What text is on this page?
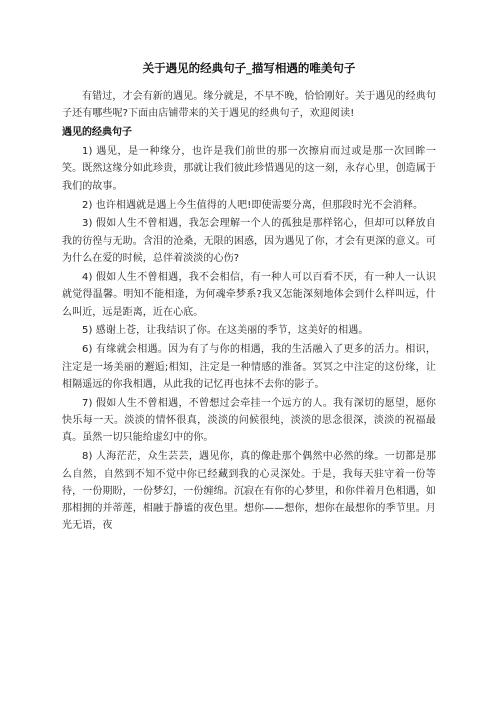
关于遇见的经典句子_描写相遇的唯美句子

有错过，才会有新的遇见。缘分就是，不早不晚，恰恰刚好。关于遇见的经典句子还有哪些呢?下面由店铺带来的关于遇见的经典句子，欢迎阅读!

遇见的经典句子

1) 遇见，是一种缘分，也许是我们前世的那一次擦肩而过或是那一次回眸一笑。既然这缘分如此珍贵，那就让我们彼此珍惜遇见的这一刻，永存心里，创造属于我们的故事。

2) 也许相遇就是遇上今生值得的人吧!即使需要分离，但那段时光不会消释。

3) 假如人生不曾相遇，我怎会理解一个人的孤独是那样铭心，但却可以释放自我的彷徨与无助。含泪的沧桑，无限的困惑，因为遇见了你，才会有更深的意义。可为什么在爱的时候，总伴着淡淡的心伤?

4) 假如人生不曾相遇，我不会相信，有一种人可以百看不厌，有一种人一认识就觉得温馨。明知不能相逢，为何魂牵梦系?我又怎能深刻地体会到什么样叫远，什么叫近，远是距离，近在心底。

5) 感谢上苍，让我结识了你。在这美丽的季节，这美好的相遇。

6) 有缘就会相遇。因为有了与你的相遇，我的生活融入了更多的活力。相识，注定是一场美丽的邂逅;相知，注定是一种情感的淮备。冥冥之中注定的这份缘，让相隔遥远的你我相遇，从此我的记忆再也抹不去你的影子。

7) 假如人生不曾相遇，不曾想过会牵挂一个远方的人。我有深切的愿望，愿你快乐每一天。淡淡的情怀很真，淡淡的问候很纯，淡淡的思念很深，淡淡的祝福最真。虽然一切只能给虚幻中的你。

8) 人海茫茫，众生芸芸，遇见你，真的像赴那个偶然中必然的缘。一切都是那么自然，自然到不知不觉中你已经藏到我的心灵深处。于是，我每天驻守着一份等待，一份期盼，一份梦幻，一份缠绵。沉寂在有你的心梦里，和你伴着月色相遇，如那相拥的并蒂莲，相融于静谧的夜色里。想你——想你，想你在最想你的季节里。月光无语，夜
